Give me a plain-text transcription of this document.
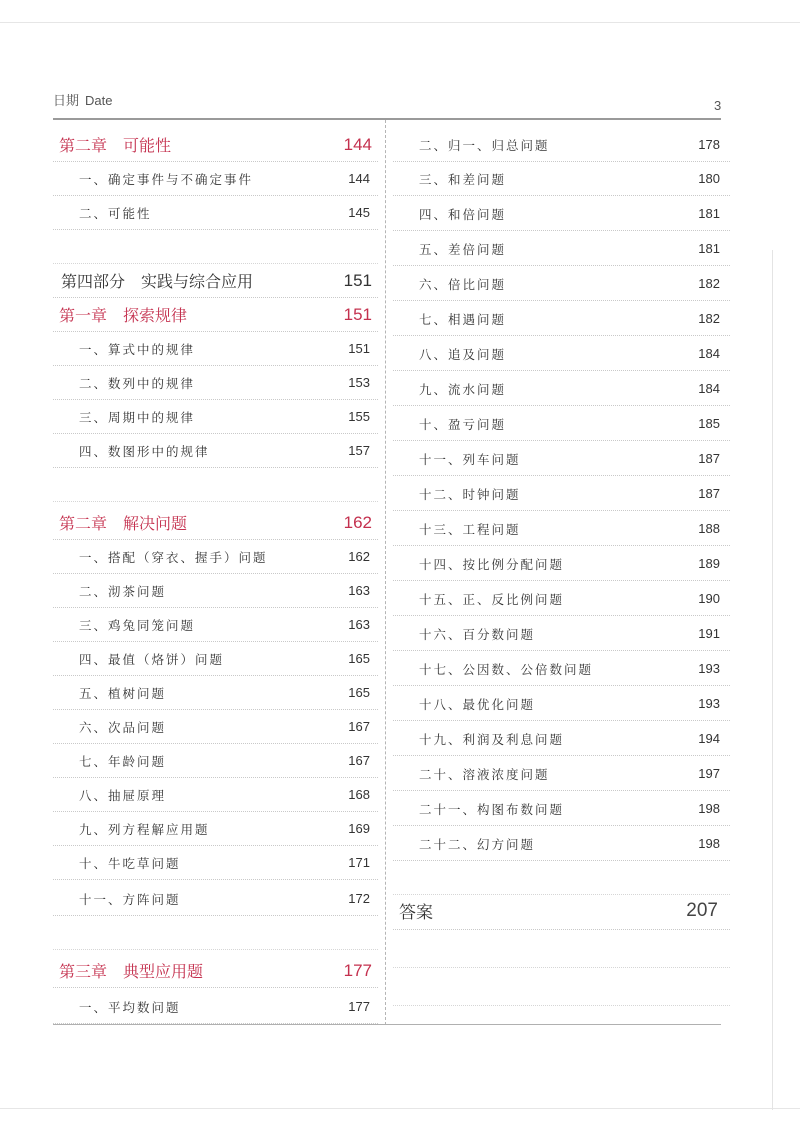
日期 Date	3
第二章　可能性	144
一、确定事件与不确定事件	144
二、可能性	145
第四部分　实践与综合应用	151
第一章　探索规律	151
一、算式中的规律	151
二、数列中的规律	153
三、周期中的规律	155
四、数图形中的规律	157
第二章　解决问题	162
一、搭配（穿衣、握手）问题	162
二、沏茶问题	163
三、鸡兔同笼问题	163
四、最值（烙饼）问题	165
五、植树问题	165
六、次品问题	167
七、年龄问题	167
八、抽屉原理	168
九、列方程解应用题	169
十、牛吃草问题	171
十一、方阵问题	172
第三章　典型应用题	177
一、平均数问题	177
二、归一、归总问题	178
三、和差问题	180
四、和倍问题	181
五、差倍问题	181
六、倍比问题	182
七、相遇问题	182
八、追及问题	184
九、流水问题	184
十、盈亏问题	185
十一、列车问题	187
十二、时钟问题	187
十三、工程问题	188
十四、按比例分配问题	189
十五、正、反比例问题	190
十六、百分数问题	191
十七、公因数、公倍数问题	193
十八、最优化问题	193
十九、利润及利息问题	194
二十、溶液浓度问题	197
二十一、构图布数问题	198
二十二、幻方问题	198
答案	207
